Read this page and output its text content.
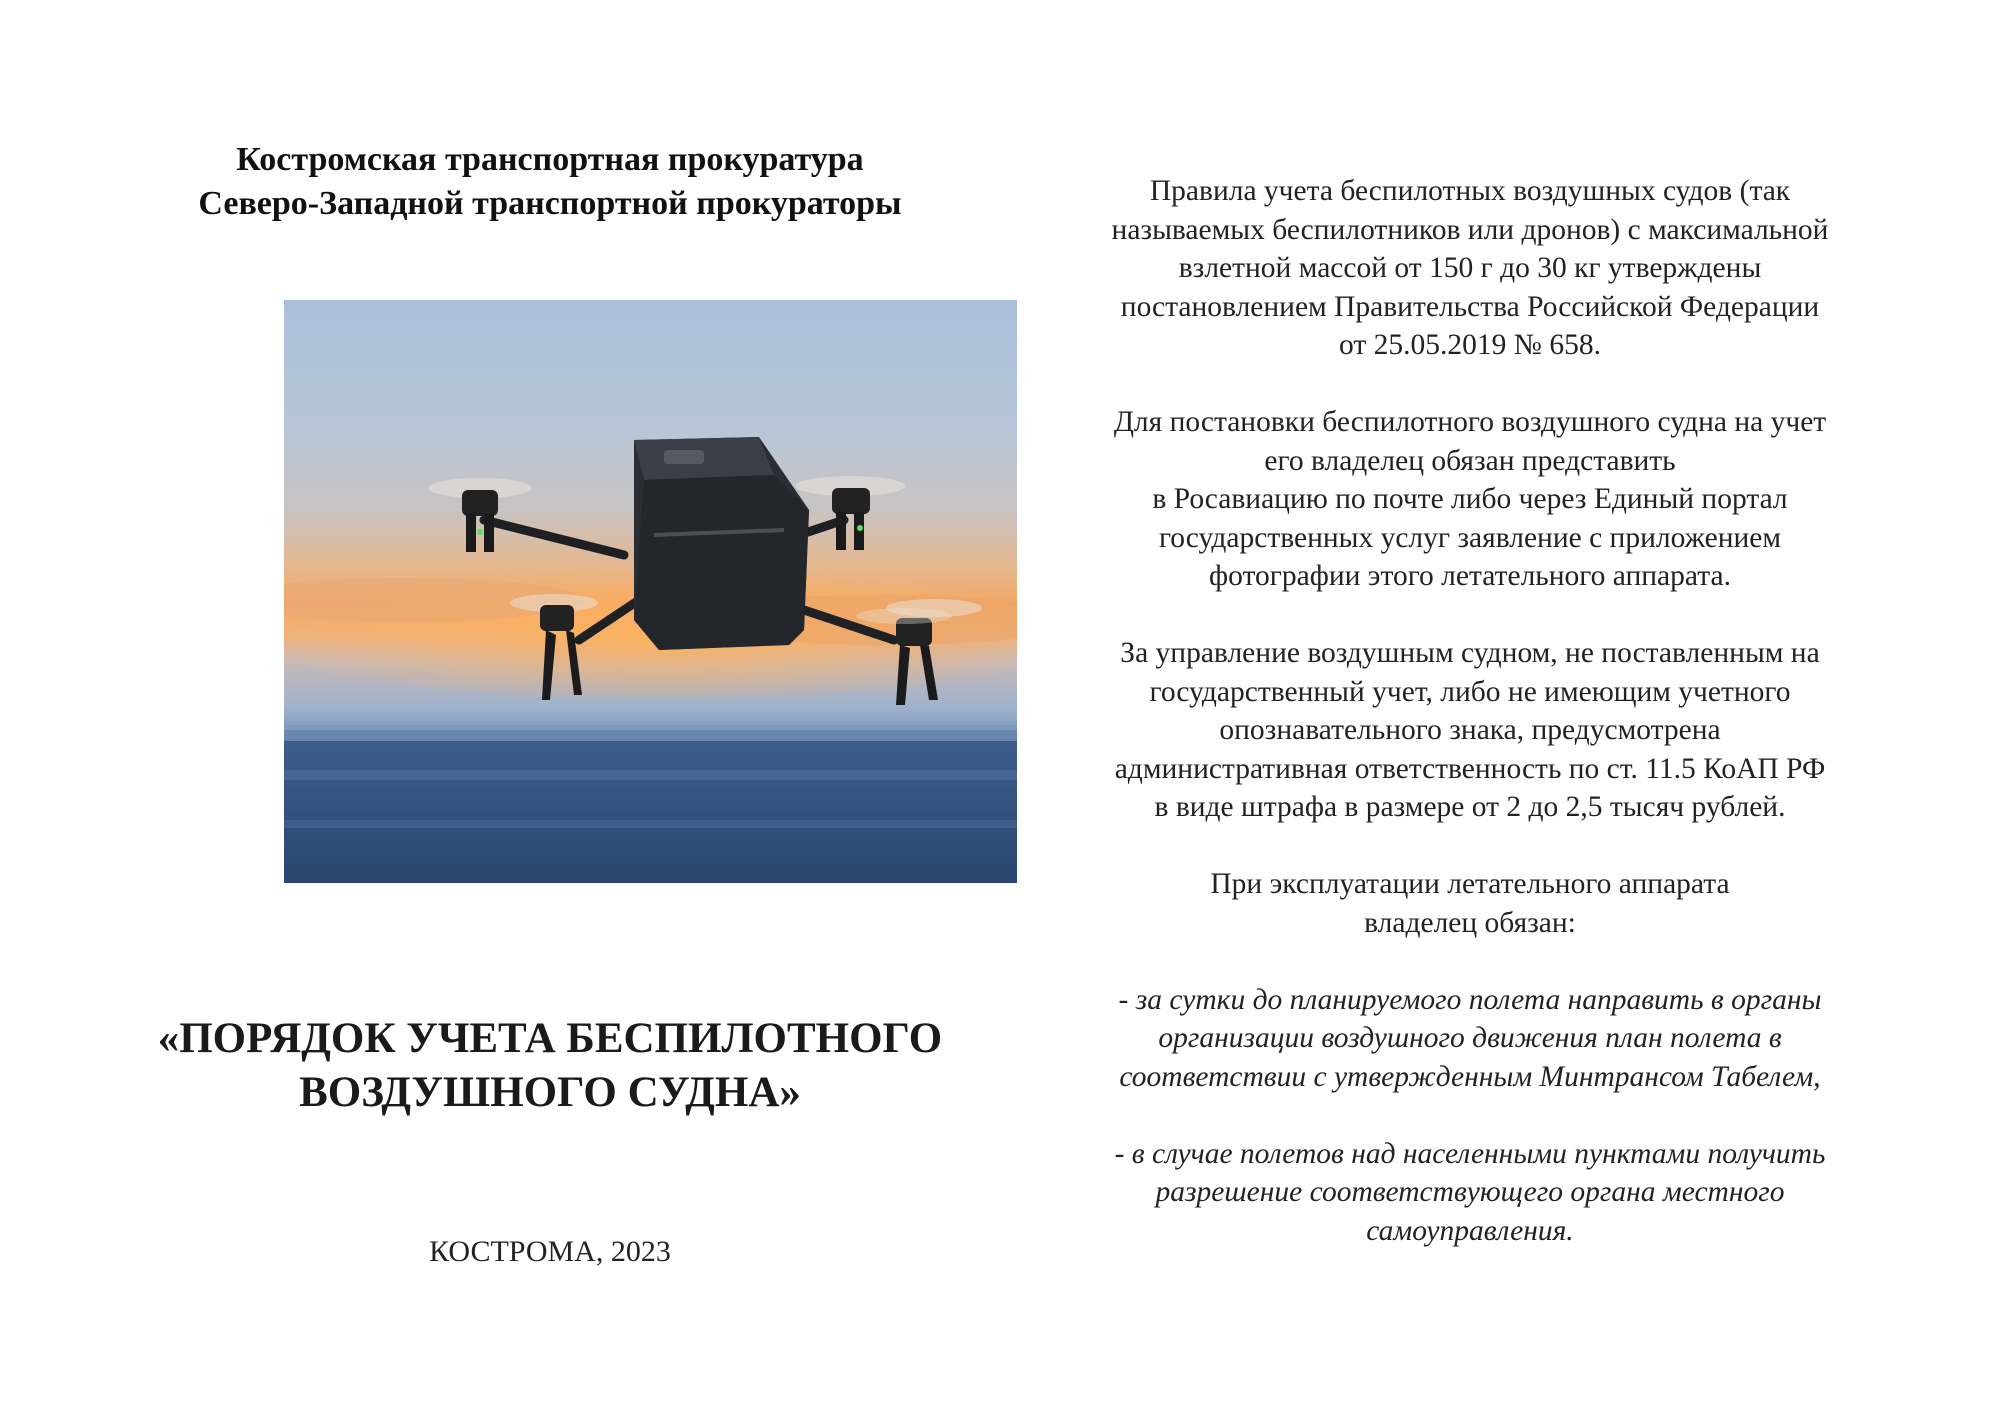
Костромская транспортная прокуратура
Северо-Западной транспортной прокураторы
«ПОРЯДОК УЧЕТА БЕСПИЛОТНОГО
ВОЗДУШНОГО СУДНА»
КОСТРОМА, 2023
Правила учета беспилотных воздушных судов (так
называемых беспилотников или дронов) с максимальной
взлетной массой от 150 г до 30 кг утверждены
постановлением Правительства Российской Федерации
от 25.05.2019 № 658.
Для постановки беспилотного воздушного судна на учет
его владелец обязан представить
в Росавиацию по почте либо через Единый портал
государственных услуг заявление с приложением
фотографии этого летательного аппарата.
За управление воздушным судном, не поставленным на
государственный учет, либо не имеющим учетного
опознавательного знака, предусмотрена
административная ответственность по ст. 11.5 КоАП РФ
в виде штрафа в размере от 2 до 2,5 тысяч рублей.
При эксплуатации летательного аппарата
владелец обязан:
- за сутки до планируемого полета направить в органы
организации воздушного движения план полета в
соответствии с утвержденным Минтрансом Табелем,
- в случае полетов над населенными пунктами получить
разрешение соответствующего органа местного
самоуправления.
